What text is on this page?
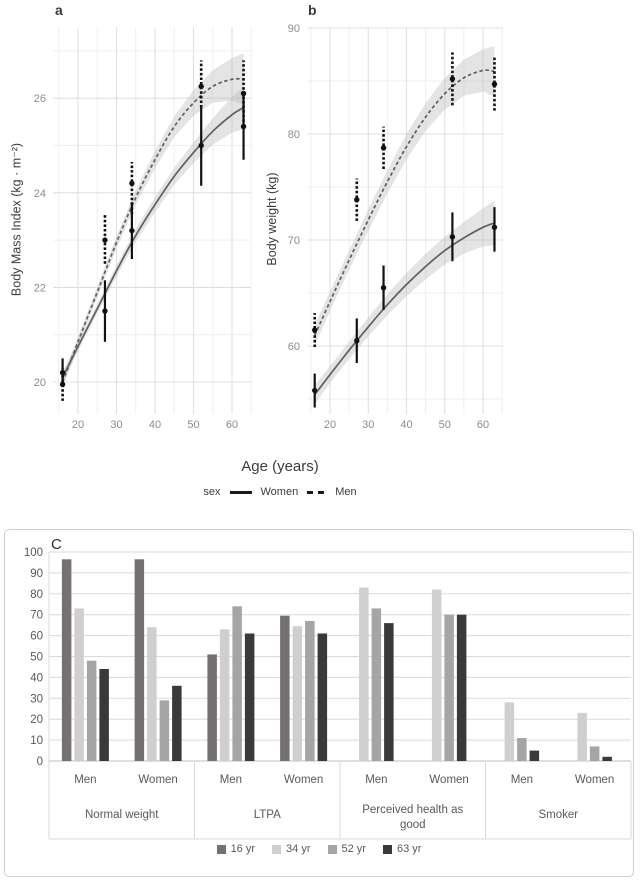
a	b
Body Mass Index (kg · m⁻²)	Body weight (kg)
20 30 40 50 60
20
22
24
26
20 30 40 50 60
60
70
80
90
Age (years)
sex	Women	Men
C
0
10
20
30
40
50
60
70
80
90
100
Men	Women
Normal weight
Men	Women
LTPA
Men	Women
Perceived health as good
Men	Women
Smoker
16 yr	34 yr	52 yr	63 yr
